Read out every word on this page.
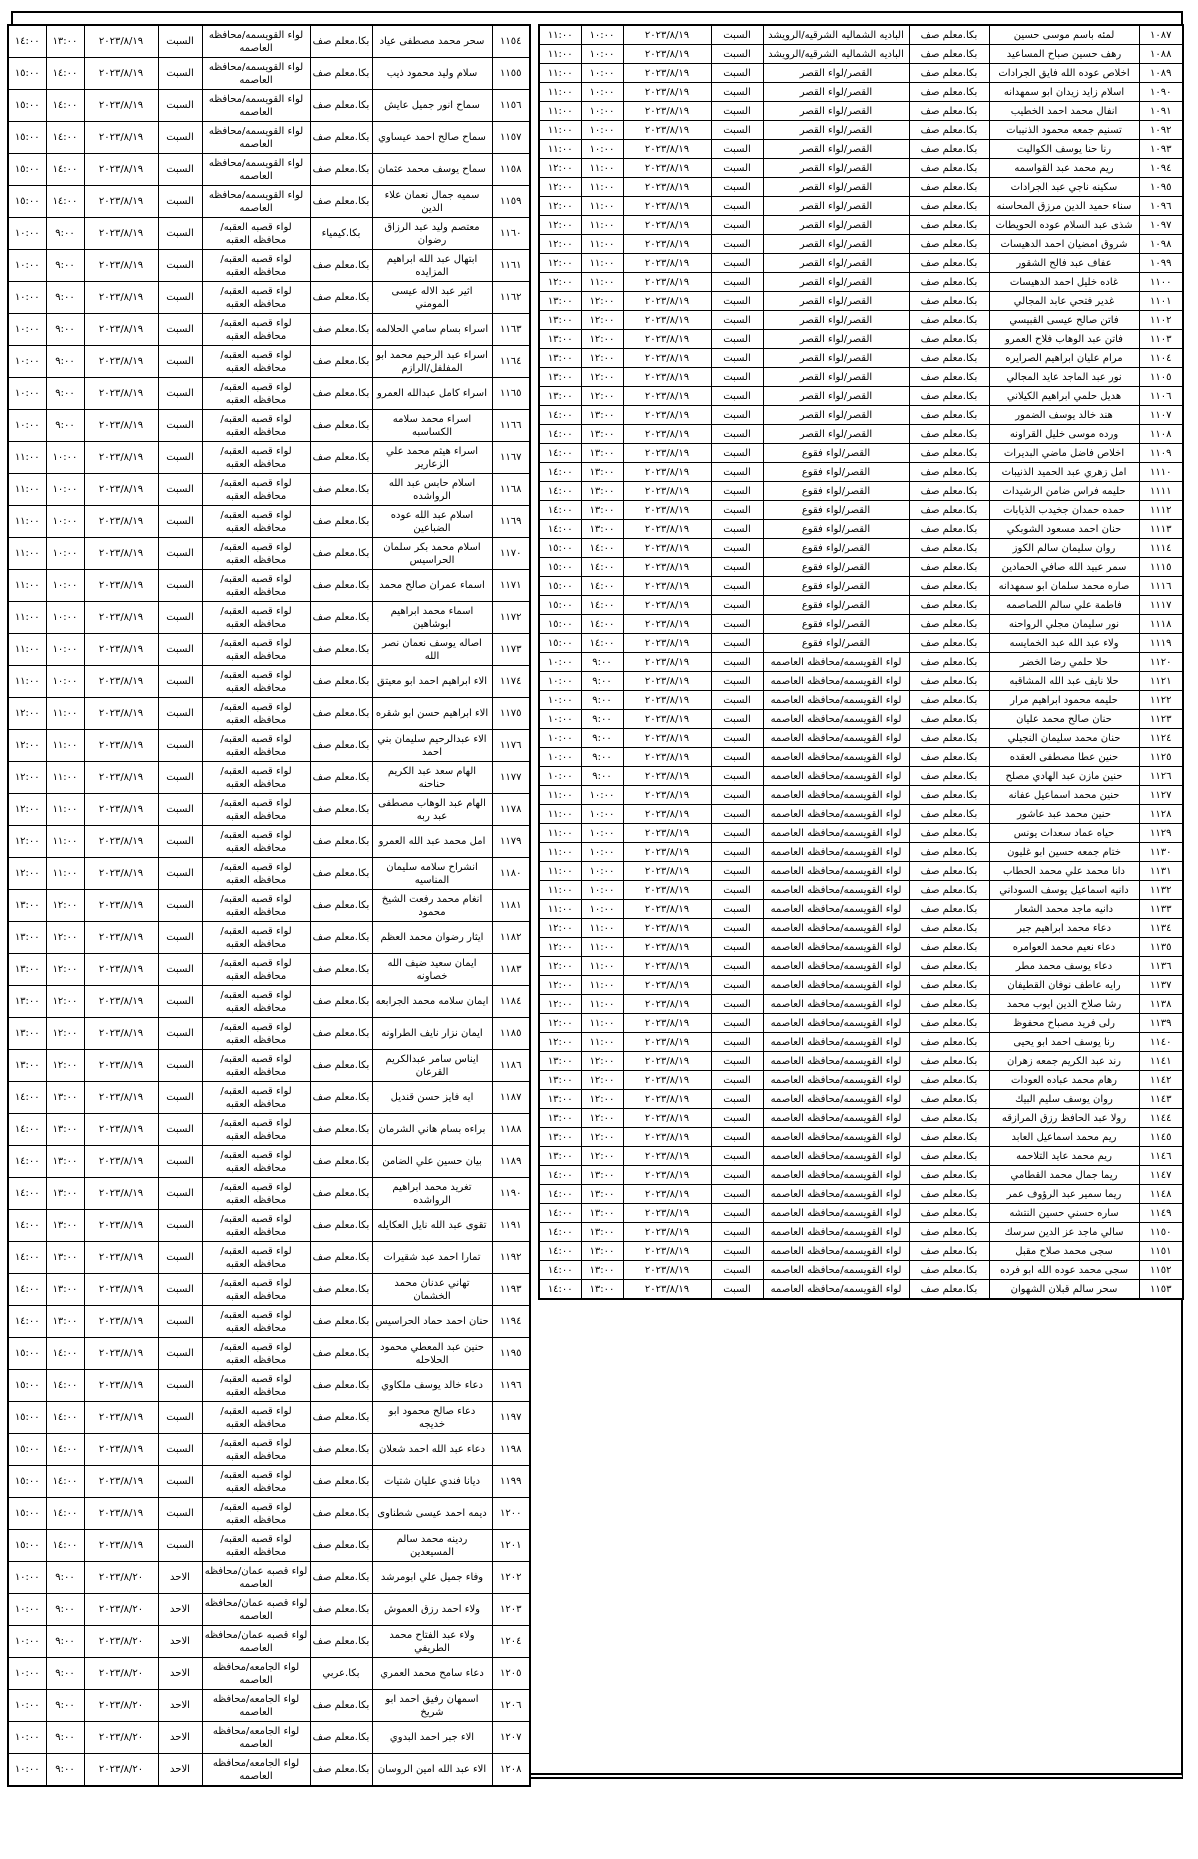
١٠٨٧	لمئه باسم موسى حسين	بكا.معلم صف	الباديه الشماليه الشرقيه/الرويشد	السبت	٢٠٢٣/٨/١٩	١٠:٠٠	١١:٠٠
١٠٨٨	رهف حسين صباح المساعيد	بكا.معلم صف	الباديه الشماليه الشرقيه/الرويشد	السبت	٢٠٢٣/٨/١٩	١٠:٠٠	١١:٠٠
١٠٨٩	اخلاص عوده الله فايق الجرادات	بكا.معلم صف	القصر/لواء القصر	السبت	٢٠٢٣/٨/١٩	١٠:٠٠	١١:٠٠
١٠٩٠	اسلام زايد زيدان ابو سمهدانه	بكا.معلم صف	القصر/لواء القصر	السبت	٢٠٢٣/٨/١٩	١٠:٠٠	١١:٠٠
١٠٩١	انفال محمد احمد الخطيب	بكا.معلم صف	القصر/لواء القصر	السبت	٢٠٢٣/٨/١٩	١٠:٠٠	١١:٠٠
١٠٩٢	تسنيم جمعه محمود الذنيبات	بكا.معلم صف	القصر/لواء القصر	السبت	٢٠٢٣/٨/١٩	١٠:٠٠	١١:٠٠
١٠٩٣	رنا حنا يوسف الكواليت	بكا.معلم صف	القصر/لواء القصر	السبت	٢٠٢٣/٨/١٩	١٠:٠٠	١١:٠٠
١٠٩٤	ريم محمد عبد القواسمه	بكا.معلم صف	القصر/لواء القصر	السبت	٢٠٢٣/٨/١٩	١١:٠٠	١٢:٠٠
١٠٩٥	سكينه ناجي عبد الجرادات	بكا.معلم صف	القصر/لواء القصر	السبت	٢٠٢٣/٨/١٩	١١:٠٠	١٢:٠٠
١٠٩٦	سناء حميد الدين مرزق المحاسنه	بكا.معلم صف	القصر/لواء القصر	السبت	٢٠٢٣/٨/١٩	١١:٠٠	١٢:٠٠
١٠٩٧	شذى عبد السلام عوده الحويطات	بكا.معلم صف	القصر/لواء القصر	السبت	٢٠٢٣/٨/١٩	١١:٠٠	١٢:٠٠
١٠٩٨	شروق امضيان احمد الدهيسات	بكا.معلم صف	القصر/لواء القصر	السبت	٢٠٢٣/٨/١٩	١١:٠٠	١٢:٠٠
١٠٩٩	عفاف عبد فالح الشقور	بكا.معلم صف	القصر/لواء القصر	السبت	٢٠٢٣/٨/١٩	١١:٠٠	١٢:٠٠
١١٠٠	غاده خليل احمد الدهيسات	بكا.معلم صف	القصر/لواء القصر	السبت	٢٠٢٣/٨/١٩	١١:٠٠	١٢:٠٠
١١٠١	غدير فتحي عابد المجالي	بكا.معلم صف	القصر/لواء القصر	السبت	٢٠٢٣/٨/١٩	١٢:٠٠	١٣:٠٠
١١٠٢	فاتن صالح عيسى القبيسي	بكا.معلم صف	القصر/لواء القصر	السبت	٢٠٢٣/٨/١٩	١٢:٠٠	١٣:٠٠
١١٠٣	فاتن عبد الوهاب فلاح العمرو	بكا.معلم صف	القصر/لواء القصر	السبت	٢٠٢٣/٨/١٩	١٢:٠٠	١٣:٠٠
١١٠٤	مرام عليان ابراهيم الصرايره	بكا.معلم صف	القصر/لواء القصر	السبت	٢٠٢٣/٨/١٩	١٢:٠٠	١٣:٠٠
١١٠٥	نور عبد الماجد عايد المجالي	بكا.معلم صف	القصر/لواء القصر	السبت	٢٠٢٣/٨/١٩	١٢:٠٠	١٣:٠٠
١١٠٦	هديل حلمي ابراهيم الكيلاني	بكا.معلم صف	القصر/لواء القصر	السبت	٢٠٢٣/٨/١٩	١٢:٠٠	١٣:٠٠
١١٠٧	هند خالد يوسف الضمور	بكا.معلم صف	القصر/لواء القصر	السبت	٢٠٢٣/٨/١٩	١٣:٠٠	١٤:٠٠
١١٠٨	ورده موسى خليل القراونه	بكا.معلم صف	القصر/لواء القصر	السبت	٢٠٢٣/٨/١٩	١٣:٠٠	١٤:٠٠
١١٠٩	اخلاص فاضل ماضي البديرات	بكا.معلم صف	القصر/لواء فقوع	السبت	٢٠٢٣/٨/١٩	١٣:٠٠	١٤:٠٠
١١١٠	امل زهري عبد الحميد الذنيبات	بكا.معلم صف	القصر/لواء فقوع	السبت	٢٠٢٣/٨/١٩	١٣:٠٠	١٤:٠٠
١١١١	حليمه فراس ضامن الرشيدات	بكا.معلم صف	القصر/لواء فقوع	السبت	٢٠٢٣/٨/١٩	١٣:٠٠	١٤:٠٠
١١١٢	حمده حمدان جخيدب الذيابات	بكا.معلم صف	القصر/لواء فقوع	السبت	٢٠٢٣/٨/١٩	١٣:٠٠	١٤:٠٠
١١١٣	حنان احمد مسعود الشوبكي	بكا.معلم صف	القصر/لواء فقوع	السبت	٢٠٢٣/٨/١٩	١٣:٠٠	١٤:٠٠
١١١٤	روان سليمان سالم الكوز	بكا.معلم صف	القصر/لواء فقوع	السبت	٢٠٢٣/٨/١٩	١٤:٠٠	١٥:٠٠
١١١٥	سمر عبيد الله صافي الحمادين	بكا.معلم صف	القصر/لواء فقوع	السبت	٢٠٢٣/٨/١٩	١٤:٠٠	١٥:٠٠
١١١٦	صاره محمد سلمان ابو سمهدانه	بكا.معلم صف	القصر/لواء فقوع	السبت	٢٠٢٣/٨/١٩	١٤:٠٠	١٥:٠٠
١١١٧	فاطمة علي سالم اللصاصمه	بكا.معلم صف	القصر/لواء فقوع	السبت	٢٠٢٣/٨/١٩	١٤:٠٠	١٥:٠٠
١١١٨	نور سليمان مجلي الرواحنه	بكا.معلم صف	القصر/لواء فقوع	السبت	٢٠٢٣/٨/١٩	١٤:٠٠	١٥:٠٠
١١١٩	ولاء عبد الله عبد الخمايسه	بكا.معلم صف	القصر/لواء فقوع	السبت	٢٠٢٣/٨/١٩	١٤:٠٠	١٥:٠٠
١١٢٠	حلا حلمي رضا الخضر	بكا.معلم صف	لواء القويسمه/محافظه العاصمه	السبت	٢٠٢٣/٨/١٩	٩:٠٠	١٠:٠٠
١١٢١	حلا نايف عبد الله المشاقبه	بكا.معلم صف	لواء القويسمه/محافظه العاصمه	السبت	٢٠٢٣/٨/١٩	٩:٠٠	١٠:٠٠
١١٢٢	حليمه محمود ابراهيم مرار	بكا.معلم صف	لواء القويسمه/محافظه العاصمه	السبت	٢٠٢٣/٨/١٩	٩:٠٠	١٠:٠٠
١١٢٣	حنان صالح محمد عليان	بكا.معلم صف	لواء القويسمه/محافظه العاصمه	السبت	٢٠٢٣/٨/١٩	٩:٠٠	١٠:٠٠
١١٢٤	حنان محمد سليمان النجيلي	بكا.معلم صف	لواء القويسمه/محافظه العاصمه	السبت	٢٠٢٣/٨/١٩	٩:٠٠	١٠:٠٠
١١٢٥	حنين عطا مصطفى العقده	بكا.معلم صف	لواء القويسمه/محافظه العاصمه	السبت	٢٠٢٣/٨/١٩	٩:٠٠	١٠:٠٠
١١٢٦	حنين مازن عبد الهادي مصلح	بكا.معلم صف	لواء القويسمه/محافظه العاصمه	السبت	٢٠٢٣/٨/١٩	٩:٠٠	١٠:٠٠
١١٢٧	حنين محمد اسماعيل عفانه	بكا.معلم صف	لواء القويسمه/محافظه العاصمه	السبت	٢٠٢٣/٨/١٩	١٠:٠٠	١١:٠٠
١١٢٨	حنين محمد عبد عاشور	بكا.معلم صف	لواء القويسمه/محافظه العاصمه	السبت	٢٠٢٣/٨/١٩	١٠:٠٠	١١:٠٠
١١٢٩	حياه عماد سعدات يونس	بكا.معلم صف	لواء القويسمه/محافظه العاصمه	السبت	٢٠٢٣/٨/١٩	١٠:٠٠	١١:٠٠
١١٣٠	ختام جمعه حسين ابو غليون	بكا.معلم صف	لواء القويسمه/محافظه العاصمه	السبت	٢٠٢٣/٨/١٩	١٠:٠٠	١١:٠٠
١١٣١	دانا محمد علي محمد الحطاب	بكا.معلم صف	لواء القويسمه/محافظه العاصمه	السبت	٢٠٢٣/٨/١٩	١٠:٠٠	١١:٠٠
١١٣٢	دانيه اسماعيل يوسف السوداني	بكا.معلم صف	لواء القويسمه/محافظه العاصمه	السبت	٢٠٢٣/٨/١٩	١٠:٠٠	١١:٠٠
١١٣٣	دانيه ماجد محمد الشعار	بكا.معلم صف	لواء القويسمه/محافظه العاصمه	السبت	٢٠٢٣/٨/١٩	١٠:٠٠	١١:٠٠
١١٣٤	دعاء محمد ابراهيم جبر	بكا.معلم صف	لواء القويسمه/محافظه العاصمه	السبت	٢٠٢٣/٨/١٩	١١:٠٠	١٢:٠٠
١١٣٥	دعاء نعيم محمد العوامره	بكا.معلم صف	لواء القويسمه/محافظه العاصمه	السبت	٢٠٢٣/٨/١٩	١١:٠٠	١٢:٠٠
١١٣٦	دعاء يوسف محمد مطر	بكا.معلم صف	لواء القويسمه/محافظه العاصمه	السبت	٢٠٢٣/٨/١٩	١١:٠٠	١٢:٠٠
١١٣٧	رايه عاطف نوفان القطيفان	بكا.معلم صف	لواء القويسمه/محافظه العاصمه	السبت	٢٠٢٣/٨/١٩	١١:٠٠	١٢:٠٠
١١٣٨	رشا صلاح الدين ايوب محمد	بكا.معلم صف	لواء القويسمه/محافظه العاصمه	السبت	٢٠٢٣/٨/١٩	١١:٠٠	١٢:٠٠
١١٣٩	رلى فريد مصباح محفوظ	بكا.معلم صف	لواء القويسمه/محافظه العاصمه	السبت	٢٠٢٣/٨/١٩	١١:٠٠	١٢:٠٠
١١٤٠	رنا يوسف احمد ابو يحيى	بكا.معلم صف	لواء القويسمه/محافظه العاصمه	السبت	٢٠٢٣/٨/١٩	١١:٠٠	١٢:٠٠
١١٤١	رند عبد الكريم جمعه زهران	بكا.معلم صف	لواء القويسمه/محافظه العاصمه	السبت	٢٠٢٣/٨/١٩	١٢:٠٠	١٣:٠٠
١١٤٢	رهام محمد عباده العودات	بكا.معلم صف	لواء القويسمه/محافظه العاصمه	السبت	٢٠٢٣/٨/١٩	١٢:٠٠	١٣:٠٠
١١٤٣	روان يوسف سليم البيك	بكا.معلم صف	لواء القويسمه/محافظه العاصمه	السبت	٢٠٢٣/٨/١٩	١٢:٠٠	١٣:٠٠
١١٤٤	رولا عبد الحافظ رزق المرازقه	بكا.معلم صف	لواء القويسمه/محافظه العاصمه	السبت	٢٠٢٣/٨/١٩	١٢:٠٠	١٣:٠٠
١١٤٥	ريم محمد اسماعيل العابد	بكا.معلم صف	لواء القويسمه/محافظه العاصمه	السبت	٢٠٢٣/٨/١٩	١٢:٠٠	١٣:٠٠
١١٤٦	ريم محمد عايد التلاحمه	بكا.معلم صف	لواء القويسمه/محافظه العاصمه	السبت	٢٠٢٣/٨/١٩	١٢:٠٠	١٣:٠٠
١١٤٧	ريما جمال محمد القطامي	بكا.معلم صف	لواء القويسمه/محافظه العاصمه	السبت	٢٠٢٣/٨/١٩	١٣:٠٠	١٤:٠٠
١١٤٨	ريما سمير عبد الرؤوف عمر	بكا.معلم صف	لواء القويسمه/محافظه العاصمه	السبت	٢٠٢٣/٨/١٩	١٣:٠٠	١٤:٠٠
١١٤٩	ساره حسني حسين النتشه	بكا.معلم صف	لواء القويسمه/محافظه العاصمه	السبت	٢٠٢٣/٨/١٩	١٣:٠٠	١٤:٠٠
١١٥٠	سالي ماجد عز الدين سرسك	بكا.معلم صف	لواء القويسمه/محافظه العاصمه	السبت	٢٠٢٣/٨/١٩	١٣:٠٠	١٤:٠٠
١١٥١	سجى محمد صلاح مقبل	بكا.معلم صف	لواء القويسمه/محافظه العاصمه	السبت	٢٠٢٣/٨/١٩	١٣:٠٠	١٤:٠٠
١١٥٢	سجى محمد عوده الله ابو فرده	بكا.معلم صف	لواء القويسمه/محافظه العاصمه	السبت	٢٠٢٣/٨/١٩	١٣:٠٠	١٤:٠٠
١١٥٣	سحر سالم قبلان الشهوان	بكا.معلم صف	لواء القويسمه/محافظه العاصمه	السبت	٢٠٢٣/٨/١٩	١٣:٠٠	١٤:٠٠
١١٥٤	سحر محمد مصطفى عياد	بكا.معلم صف	لواء القويسمه/محافظه العاصمه	السبت	٢٠٢٣/٨/١٩	١٣:٠٠	١٤:٠٠
١١٥٥	سلام وليد محمود ذيب	بكا.معلم صف	لواء القويسمه/محافظه العاصمه	السبت	٢٠٢٣/٨/١٩	١٤:٠٠	١٥:٠٠
١١٥٦	سماح انور جميل عايش	بكا.معلم صف	لواء القويسمه/محافظه العاصمه	السبت	٢٠٢٣/٨/١٩	١٤:٠٠	١٥:٠٠
١١٥٧	سماح صالح احمد عيساوي	بكا.معلم صف	لواء القويسمه/محافظه العاصمه	السبت	٢٠٢٣/٨/١٩	١٤:٠٠	١٥:٠٠
١١٥٨	سماح يوسف محمد عثمان	بكا.معلم صف	لواء القويسمه/محافظه العاصمه	السبت	٢٠٢٣/٨/١٩	١٤:٠٠	١٥:٠٠
١١٥٩	سميه جمال نعمان علاء الدين	بكا.معلم صف	لواء القويسمه/محافظه العاصمه	السبت	٢٠٢٣/٨/١٩	١٤:٠٠	١٥:٠٠
١١٦٠	معتصم وليد عبد الرزاق رضوان	بكا.كيمياء	لواء قصبه العقبه/محافظه العقبه	السبت	٢٠٢٣/٨/١٩	٩:٠٠	١٠:٠٠
١١٦١	ابتهال عبد الله ابراهيم المزايده	بكا.معلم صف	لواء قصبه العقبه/محافظه العقبه	السبت	٢٠٢٣/٨/١٩	٩:٠٠	١٠:٠٠
١١٦٢	اثير عبد الاله عيسى المومني	بكا.معلم صف	لواء قصبه العقبه/محافظه العقبه	السبت	٢٠٢٣/٨/١٩	٩:٠٠	١٠:٠٠
١١٦٣	اسراء بسام سامي الحلالمه	بكا.معلم صف	لواء قصبه العقبه/محافظه العقبه	السبت	٢٠٢٣/٨/١٩	٩:٠٠	١٠:٠٠
١١٦٤	اسراء عبد الرحيم محمد ابو المفلفل/الرازم	بكا.معلم صف	لواء قصبه العقبه/محافظه العقبه	السبت	٢٠٢٣/٨/١٩	٩:٠٠	١٠:٠٠
١١٦٥	اسراء كامل عبدالله العمرو	بكا.معلم صف	لواء قصبه العقبه/محافظه العقبه	السبت	٢٠٢٣/٨/١٩	٩:٠٠	١٠:٠٠
١١٦٦	اسراء محمد سلامه الكساسبه	بكا.معلم صف	لواء قصبه العقبه/محافظه العقبه	السبت	٢٠٢٣/٨/١٩	٩:٠٠	١٠:٠٠
١١٦٧	اسراء هيثم محمد علي الزعارير	بكا.معلم صف	لواء قصبه العقبه/محافظه العقبه	السبت	٢٠٢٣/٨/١٩	١٠:٠٠	١١:٠٠
١١٦٨	اسلام حابس عبد الله الرواشده	بكا.معلم صف	لواء قصبه العقبه/محافظه العقبه	السبت	٢٠٢٣/٨/١٩	١٠:٠٠	١١:٠٠
١١٦٩	اسلام عبد الله عوده الضباعين	بكا.معلم صف	لواء قصبه العقبه/محافظه العقبه	السبت	٢٠٢٣/٨/١٩	١٠:٠٠	١١:٠٠
١١٧٠	اسلام محمد بكر سلمان الحراسيس	بكا.معلم صف	لواء قصبه العقبه/محافظه العقبه	السبت	٢٠٢٣/٨/١٩	١٠:٠٠	١١:٠٠
١١٧١	اسماء عمران صالح محمد	بكا.معلم صف	لواء قصبه العقبه/محافظه العقبه	السبت	٢٠٢٣/٨/١٩	١٠:٠٠	١١:٠٠
١١٧٢	اسماء محمد ابراهيم ابوشاهين	بكا.معلم صف	لواء قصبه العقبه/محافظه العقبه	السبت	٢٠٢٣/٨/١٩	١٠:٠٠	١١:٠٠
١١٧٣	اصاله يوسف نعمان نصر الله	بكا.معلم صف	لواء قصبه العقبه/محافظه العقبه	السبت	٢٠٢٣/٨/١٩	١٠:٠٠	١١:٠٠
١١٧٤	الاء ابراهيم احمد ابو معيتق	بكا.معلم صف	لواء قصبه العقبه/محافظه العقبه	السبت	٢٠٢٣/٨/١٩	١٠:٠٠	١١:٠٠
١١٧٥	الاء ابراهيم حسن ابو شقره	بكا.معلم صف	لواء قصبه العقبه/محافظه العقبه	السبت	٢٠٢٣/٨/١٩	١١:٠٠	١٢:٠٠
١١٧٦	الاء عبدالرحيم سليمان بني احمد	بكا.معلم صف	لواء قصبه العقبه/محافظه العقبه	السبت	٢٠٢٣/٨/١٩	١١:٠٠	١٢:٠٠
١١٧٧	الهام سعد عبد الكريم حناحنه	بكا.معلم صف	لواء قصبه العقبه/محافظه العقبه	السبت	٢٠٢٣/٨/١٩	١١:٠٠	١٢:٠٠
١١٧٨	الهام عبد الوهاب مصطفى عبد ربه	بكا.معلم صف	لواء قصبه العقبه/محافظه العقبه	السبت	٢٠٢٣/٨/١٩	١١:٠٠	١٢:٠٠
١١٧٩	امل محمد عبد الله العمرو	بكا.معلم صف	لواء قصبه العقبه/محافظه العقبه	السبت	٢٠٢٣/٨/١٩	١١:٠٠	١٢:٠٠
١١٨٠	انشراح سلامه سليمان المناسيه	بكا.معلم صف	لواء قصبه العقبه/محافظه العقبه	السبت	٢٠٢٣/٨/١٩	١١:٠٠	١٢:٠٠
١١٨١	انغام محمد رفعت الشيخ محمود	بكا.معلم صف	لواء قصبه العقبه/محافظه العقبه	السبت	٢٠٢٣/٨/١٩	١٢:٠٠	١٣:٠٠
١١٨٢	ايثار رضوان محمد العظم	بكا.معلم صف	لواء قصبه العقبه/محافظه العقبه	السبت	٢٠٢٣/٨/١٩	١٢:٠٠	١٣:٠٠
١١٨٣	ايمان سعيد ضيف الله خصاونه	بكا.معلم صف	لواء قصبه العقبه/محافظه العقبه	السبت	٢٠٢٣/٨/١٩	١٢:٠٠	١٣:٠٠
١١٨٤	ايمان سلامه محمد الجرابعه	بكا.معلم صف	لواء قصبه العقبه/محافظه العقبه	السبت	٢٠٢٣/٨/١٩	١٢:٠٠	١٣:٠٠
١١٨٥	ايمان نزار نايف الطراونه	بكا.معلم صف	لواء قصبه العقبه/محافظه العقبه	السبت	٢٠٢٣/٨/١٩	١٢:٠٠	١٣:٠٠
١١٨٦	ايناس سامر عبدالكريم القرعان	بكا.معلم صف	لواء قصبه العقبه/محافظه العقبه	السبت	٢٠٢٣/٨/١٩	١٢:٠٠	١٣:٠٠
١١٨٧	ايه فايز حسن قنديل	بكا.معلم صف	لواء قصبه العقبه/محافظه العقبه	السبت	٢٠٢٣/٨/١٩	١٣:٠٠	١٤:٠٠
١١٨٨	براءه بسام هاني الشرمان	بكا.معلم صف	لواء قصبه العقبه/محافظه العقبه	السبت	٢٠٢٣/٨/١٩	١٣:٠٠	١٤:٠٠
١١٨٩	بيان حسين علي الضامن	بكا.معلم صف	لواء قصبه العقبه/محافظه العقبه	السبت	٢٠٢٣/٨/١٩	١٣:٠٠	١٤:٠٠
١١٩٠	تغريد محمد ابراهيم الرواشده	بكا.معلم صف	لواء قصبه العقبه/محافظه العقبه	السبت	٢٠٢٣/٨/١٩	١٣:٠٠	١٤:٠٠
١١٩١	تقوى عبد الله نايل العكايله	بكا.معلم صف	لواء قصبه العقبه/محافظه العقبه	السبت	٢٠٢٣/٨/١٩	١٣:٠٠	١٤:٠٠
١١٩٢	تمارا احمد عبد شقيرات	بكا.معلم صف	لواء قصبه العقبه/محافظه العقبه	السبت	٢٠٢٣/٨/١٩	١٣:٠٠	١٤:٠٠
١١٩٣	تهاني عدنان محمد الخشمان	بكا.معلم صف	لواء قصبه العقبه/محافظه العقبه	السبت	٢٠٢٣/٨/١٩	١٣:٠٠	١٤:٠٠
١١٩٤	حنان احمد حماد الحراسيس	بكا.معلم صف	لواء قصبه العقبه/محافظه العقبه	السبت	٢٠٢٣/٨/١٩	١٣:٠٠	١٤:٠٠
١١٩٥	حنين عبد المعطي محمود الحلاحله	بكا.معلم صف	لواء قصبه العقبه/محافظه العقبه	السبت	٢٠٢٣/٨/١٩	١٤:٠٠	١٥:٠٠
١١٩٦	دعاء خالد يوسف ملكاوي	بكا.معلم صف	لواء قصبه العقبه/محافظه العقبه	السبت	٢٠٢٣/٨/١٩	١٤:٠٠	١٥:٠٠
١١٩٧	دعاء صالح محمود ابو خديجه	بكا.معلم صف	لواء قصبه العقبه/محافظه العقبه	السبت	٢٠٢٣/٨/١٩	١٤:٠٠	١٥:٠٠
١١٩٨	دعاء عبد الله احمد شعلان	بكا.معلم صف	لواء قصبه العقبه/محافظه العقبه	السبت	٢٠٢٣/٨/١٩	١٤:٠٠	١٥:٠٠
١١٩٩	ديانا فندي عليان شتيات	بكا.معلم صف	لواء قصبه العقبه/محافظه العقبه	السبت	٢٠٢٣/٨/١٩	١٤:٠٠	١٥:٠٠
١٢٠٠	ديمه احمد عيسى شطناوى	بكا.معلم صف	لواء قصبه العقبه/محافظه العقبه	السبت	٢٠٢٣/٨/١٩	١٤:٠٠	١٥:٠٠
١٢٠١	ردينه محمد سالم المسيعدين	بكا.معلم صف	لواء قصبه العقبه/محافظه العقبه	السبت	٢٠٢٣/٨/١٩	١٤:٠٠	١٥:٠٠
١٢٠٢	وفاء جميل علي ابومرشد	بكا.معلم صف	لواء قصبه عمان/محافظه العاصمه	الاحد	٢٠٢٣/٨/٢٠	٩:٠٠	١٠:٠٠
١٢٠٣	ولاء احمد رزق العموش	بكا.معلم صف	لواء قصبه عمان/محافظه العاصمه	الاحد	٢٠٢٣/٨/٢٠	٩:٠٠	١٠:٠٠
١٢٠٤	ولاء عبد الفتاح محمد الطريفي	بكا.معلم صف	لواء قصبه عمان/محافظه العاصمه	الاحد	٢٠٢٣/٨/٢٠	٩:٠٠	١٠:٠٠
١٢٠٥	دعاء سامح محمد العمري	بكا.عربي	لواء الجامعه/محافظه العاصمه	الاحد	٢٠٢٣/٨/٢٠	٩:٠٠	١٠:٠٠
١٢٠٦	اسمهان رفيق احمد ابو شريخ	بكا.معلم صف	لواء الجامعه/محافظه العاصمه	الاحد	٢٠٢٣/٨/٢٠	٩:٠٠	١٠:٠٠
١٢٠٧	الاء جبر احمد البدوي	بكا.معلم صف	لواء الجامعه/محافظه العاصمه	الاحد	٢٠٢٣/٨/٢٠	٩:٠٠	١٠:٠٠
١٢٠٨	الاء عبد الله امين الروسان	بكا.معلم صف	لواء الجامعه/محافظه العاصمه	الاحد	٢٠٢٣/٨/٢٠	٩:٠٠	١٠:٠٠
